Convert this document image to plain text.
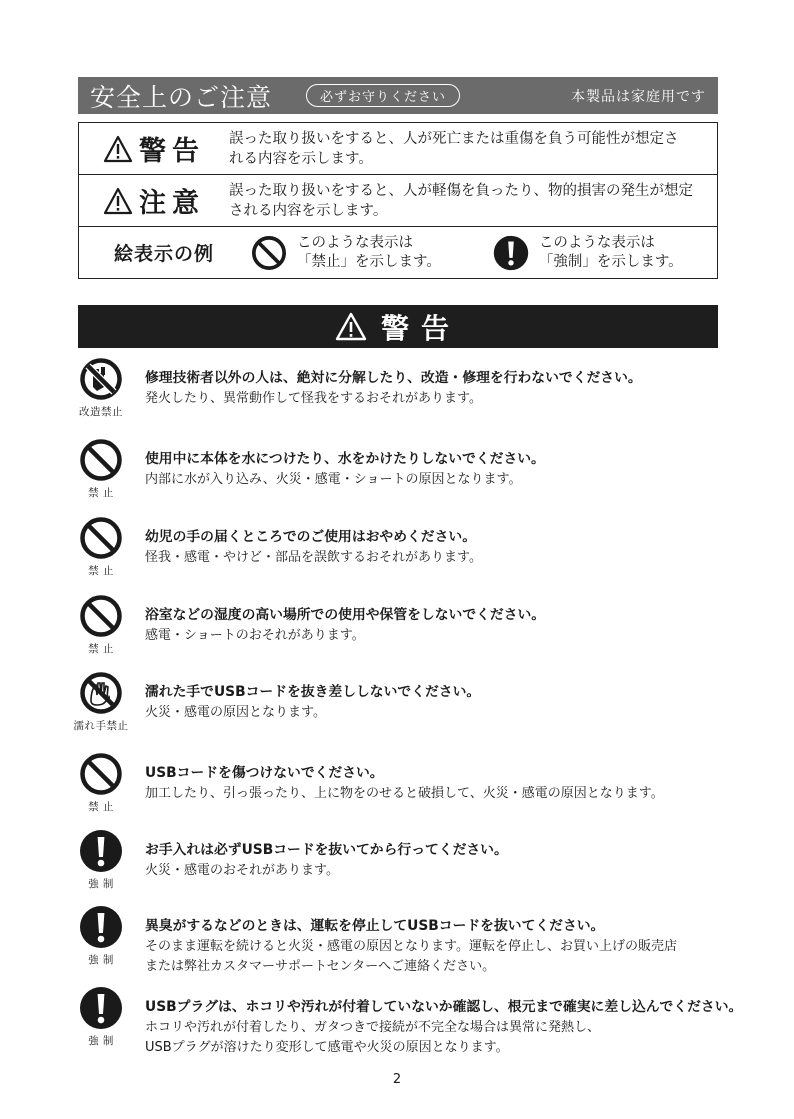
安全上のご注意	必ずお守りください	本製品は家庭用です
警告 誤った取り扱いをすると、人が死亡または重傷を負う可能性が想定さ
れる内容を示します。
注意 誤った取り扱いをすると、人が軽傷を負ったり、物的損害の発生が想定
される内容を示します。
絵表示の例
このような表示は
「禁止」を示します。
このような表示は
「強制」を示します。
警告
改造禁止
修理技術者以外の人は、絶対に分解したり、改造・修理を行わないでください。
発火したり、異常動作して怪我をするおそれがあります。
禁 止
使用中に本体を水につけたり、水をかけたりしないでください。
内部に水が入り込み、火災・感電・ショートの原因となります。
禁 止
幼児の手の届くところでのご使用はおやめください。
怪我・感電・やけど・部品を誤飲するおそれがあります。
禁 止
浴室などの湿度の高い場所での使用や保管をしないでください。
感電・ショートのおそれがあります。
濡れ手禁止
濡れた手でUSBコードを抜き差ししないでください。
火災・感電の原因となります。
禁 止
USBコードを傷つけないでください。
加工したり、引っ張ったり、上に物をのせると破損して、火災・感電の原因となります。
強 制
お手入れは必ずUSBコードを抜いてから行ってください。
火災・感電のおそれがあります。
強 制
異臭がするなどのときは、運転を停止してUSBコードを抜いてください。
そのまま運転を続けると火災・感電の原因となります。運転を停止し、お買い上げの販売店
または弊社カスタマーサポートセンターへご連絡ください。
強 制
USBプラグは、ホコリや汚れが付着していないか確認し、根元まで確実に差し込んでください。
ホコリや汚れが付着したり、ガタつきで接続が不完全な場合は異常に発熱し、
USBプラグが溶けたり変形して感電や火災の原因となります。
2
